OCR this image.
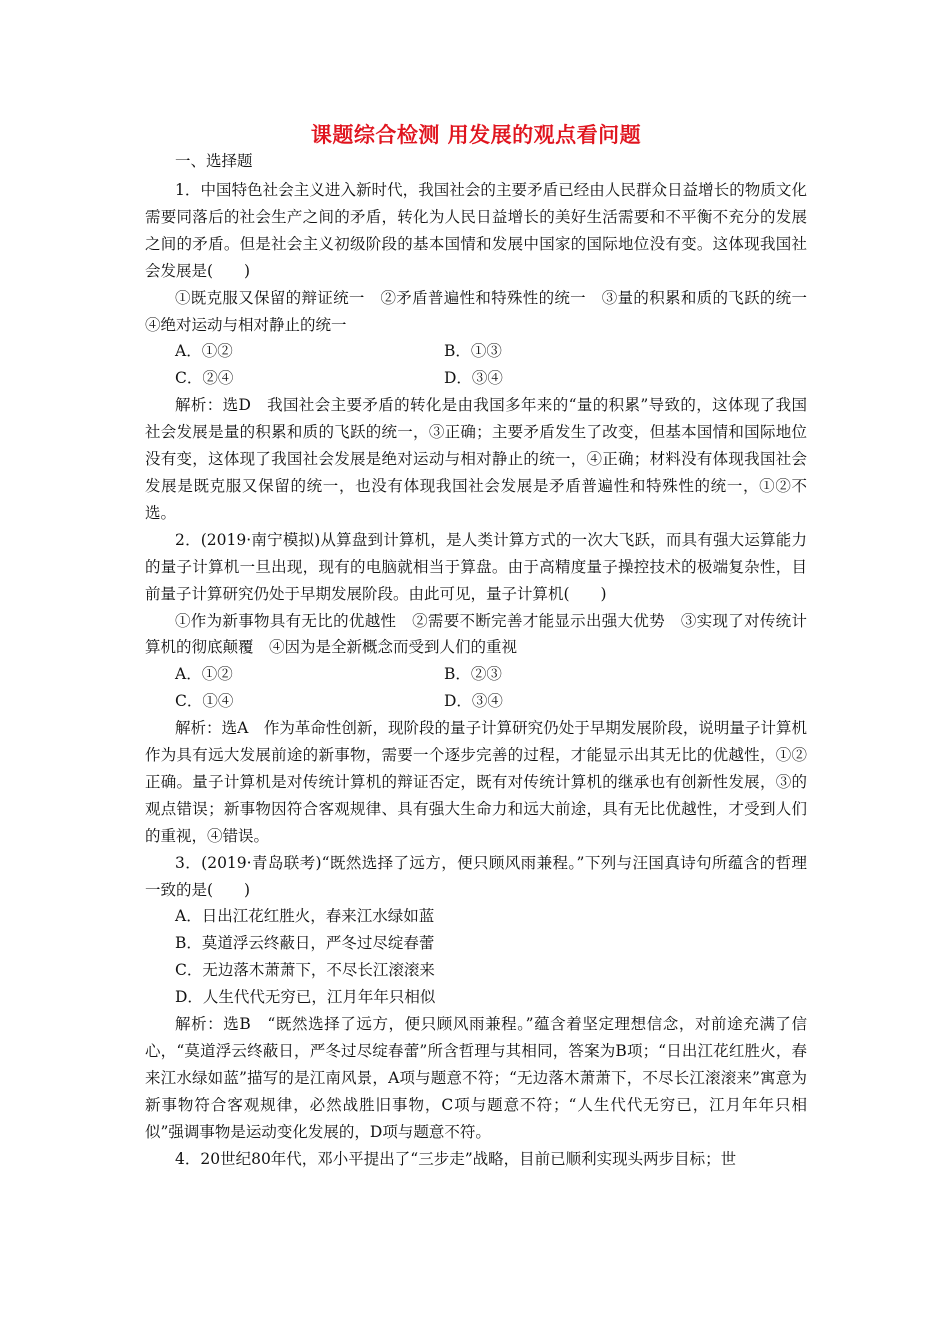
课题综合检测 用发展的观点看问题
一、选择题

1．中国特色社会主义进入新时代，我国社会的主要矛盾已经由人民群众日益增长的物质文化需要同落后的社会生产之间的矛盾，转化为人民日益增长的美好生活需要和不平衡不充分的发展之间的矛盾。但是社会主义初级阶段的基本国情和发展中国家的国际地位没有变。这体现我国社会发展是(　　)

①既克服又保留的辩证统一　②矛盾普遍性和特殊性的统一　③量的积累和质的飞跃的统一　④绝对运动与相对静止的统一

A．①②	B．①③
C．②④	D．③④

解析：选D　我国社会主要矛盾的转化是由我国多年来的“量的积累”导致的，这体现了我国社会发展是量的积累和质的飞跃的统一，③正确；主要矛盾发生了改变，但基本国情和国际地位没有变，这体现了我国社会发展是绝对运动与相对静止的统一，④正确；材料没有体现我国社会发展是既克服又保留的统一，也没有体现我国社会发展是矛盾普遍性和特殊性的统一，①②不选。

2．(2019·南宁模拟)从算盘到计算机，是人类计算方式的一次大飞跃，而具有强大运算能力的量子计算机一旦出现，现有的电脑就相当于算盘。由于高精度量子操控技术的极端复杂性，目前量子计算研究仍处于早期发展阶段。由此可见，量子计算机(　　)

①作为新事物具有无比的优越性　②需要不断完善才能显示出强大优势　③实现了对传统计算机的彻底颠覆　④因为是全新概念而受到人们的重视

A．①②	B．②③
C．①④	D．③④

解析：选A　作为革命性创新，现阶段的量子计算研究仍处于早期发展阶段，说明量子计算机作为具有远大发展前途的新事物，需要一个逐步完善的过程，才能显示出其无比的优越性，①②正确。量子计算机是对传统计算机的辩证否定，既有对传统计算机的继承也有创新性发展，③的观点错误；新事物因符合客观规律、具有强大生命力和远大前途，具有无比优越性，才受到人们的重视，④错误。

3．(2019·青岛联考)“既然选择了远方，便只顾风雨兼程。”下列与汪国真诗句所蕴含的哲理一致的是(　　)

A．日出江花红胜火，春来江水绿如蓝

B．莫道浮云终蔽日，严冬过尽绽春蕾

C．无边落木萧萧下，不尽长江滚滚来

D．人生代代无穷已，江月年年只相似

解析：选B　“既然选择了远方，便只顾风雨兼程。”蕴含着坚定理想信念，对前途充满了信心，“莫道浮云终蔽日，严冬过尽绽春蕾”所含哲理与其相同，答案为B项；“日出江花红胜火，春来江水绿如蓝”描写的是江南风景，A项与题意不符；“无边落木萧萧下，不尽长江滚滚来”寓意为新事物符合客观规律，必然战胜旧事物，C项与题意不符；“人生代代无穷已，江月年年只相似”强调事物是运动变化发展的，D项与题意不符。

4．20世纪80年代，邓小平提出了“三步走”战略，目前已顺利实现头两步目标；世
